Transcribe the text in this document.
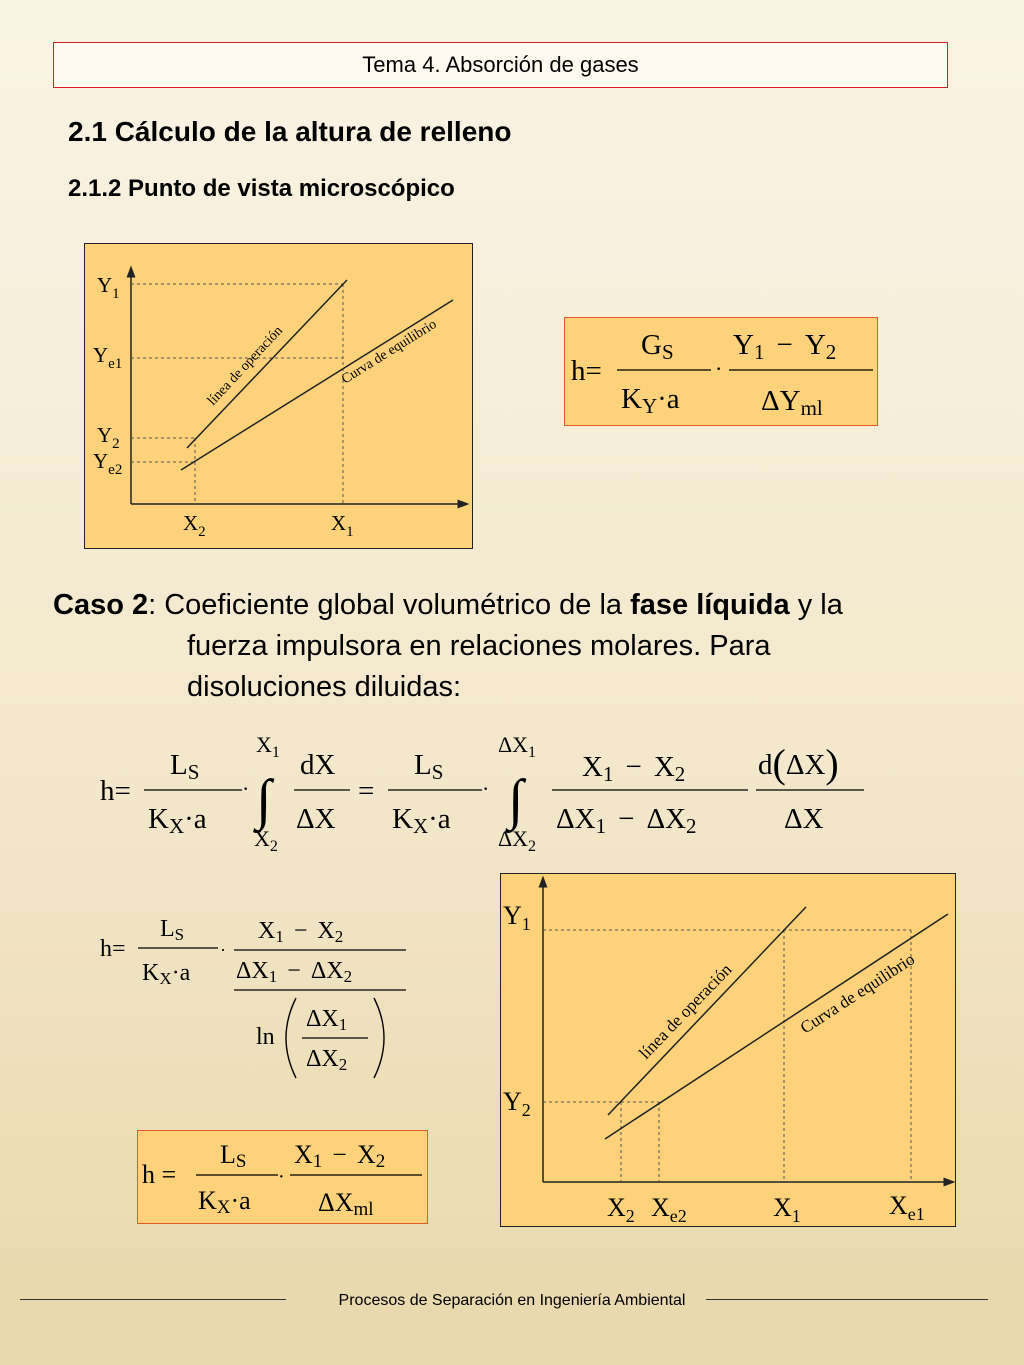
Tema 4. Absorción de gases
2.1 Cálculo de la altura de relleno
2.1.2 Punto de vista microscópico
$Y_1$
$Y_{e1}$
$Y_2$
$Y_{e2}$
$X_2$	$X_1$
línea de operación	Curva de equilibrio	h=
GS
KY·a
·
Y1 − Y2
ΔYml
Caso 2: Coeficiente global volumétrico de la fase líquida y la
fuerza impulsora en relaciones molares. Para
disoluciones diluidas:
h=
LS
KX·a
·
$X_1$
∫
$X_2$
dX
ΔX
=
LS
KX·a
·
$\Delta X_1$
∫
$\Delta X_2$
X1 − X2
ΔX1 − ΔX2
d(ΔX)
ΔX
h=
LS
KX·a
·
X1 − X2
ΔX1 − ΔX2
ln
ΔX1
ΔX2
h =
LS
KX·a
·
X1 − X2
ΔXml
$Y_1$
$Y_2$
$X_2$ $X_{e2}$	$X_1$	$X_{e1}$
línea de operación	Curva de equilibrio
Procesos de Separación en Ingeniería Ambiental
